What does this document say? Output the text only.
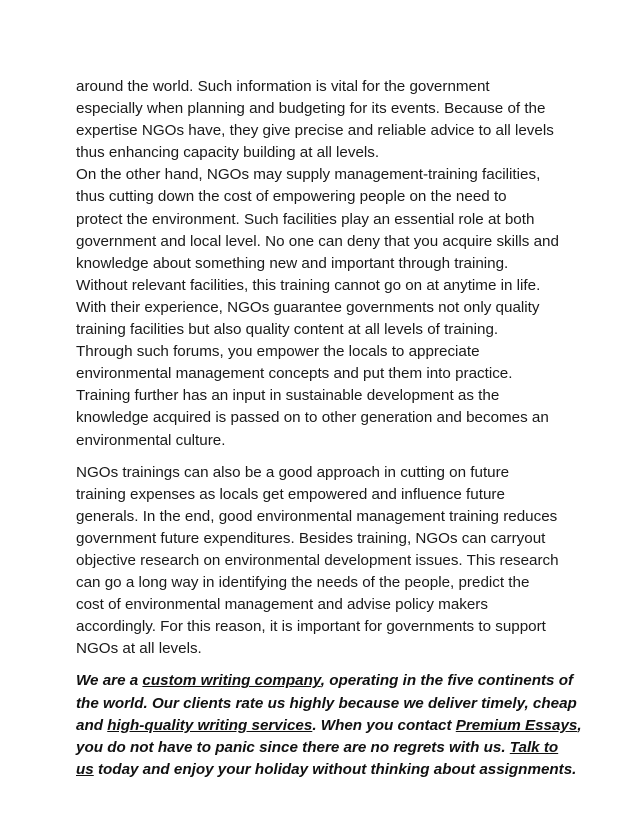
around the world. Such information is vital for the government
especially when planning and budgeting for its events. Because of the
expertise NGOs have, they give precise and reliable advice to all levels
thus enhancing capacity building at all levels.

On the other hand, NGOs may supply management-training facilities,
thus cutting down the cost of empowering people on the need to
protect the environment. Such facilities play an essential role at both
government and local level. No one can deny that you acquire skills and
knowledge about something new and important through training.
Without relevant facilities, this training cannot go on at anytime in life.
With their experience, NGOs guarantee governments not only quality
training facilities but also quality content at all levels of training.
Through such forums, you empower the locals to appreciate
environmental management concepts and put them into practice.
Training further has an input in sustainable development as the
knowledge acquired is passed on to other generation and becomes an
environmental culture.

NGOs trainings can also be a good approach in cutting on future
training expenses as locals get empowered and influence future
generals. In the end, good environmental management training reduces
government future expenditures. Besides training, NGOs can carryout
objective research on environmental development issues. This research
can go a long way in identifying the needs of the people, predict the
cost of environmental management and advise policy makers
accordingly. For this reason, it is important for governments to support
NGOs at all levels.

We are a custom writing company, operating in the five continents of
the world. Our clients rate us highly because we deliver timely, cheap
and high-quality writing services. When you contact Premium Essays,
you do not have to panic since there are no regrets with us. Talk to
us today and enjoy your holiday without thinking about assignments.
